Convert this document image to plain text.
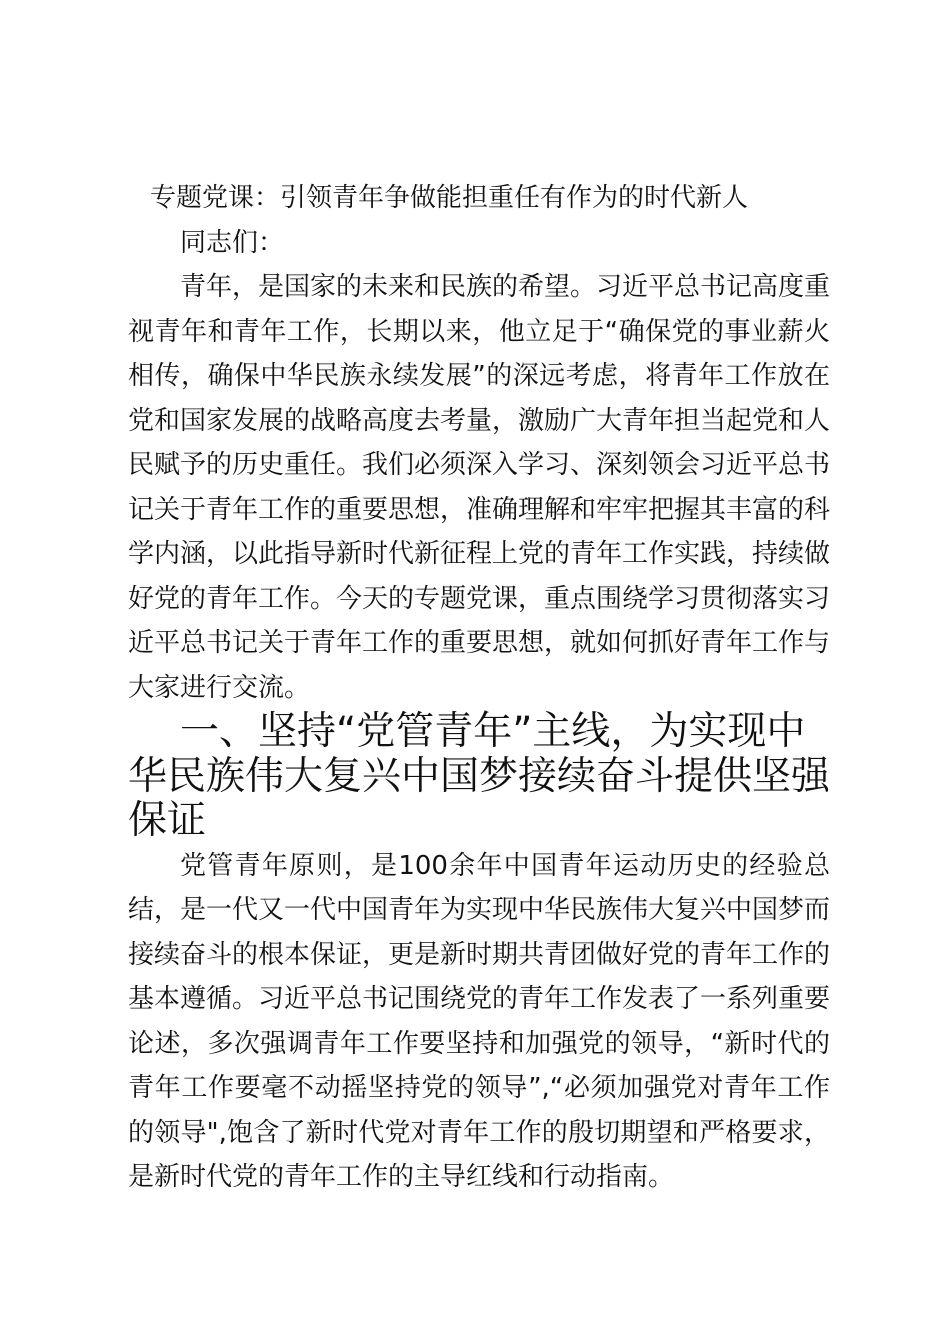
专题党课：引领青年争做能担重任有作为的时代新人

同志们：

青年，是国家的未来和民族的希望。习近平总书记高度重视青年和青年工作，长期以来，他立足于“确保党的事业薪火相传，确保中华民族永续发展”的深远考虑，将青年工作放在党和国家发展的战略高度去考量，激励广大青年担当起党和人民赋予的历史重任。我们必须深入学习、深刻领会习近平总书记关于青年工作的重要思想，准确理解和牢牢把握其丰富的科学内涵，以此指导新时代新征程上党的青年工作实践，持续做好党的青年工作。今天的专题党课，重点围绕学习贯彻落实习近平总书记关于青年工作的重要思想，就如何抓好青年工作与大家进行交流。

一、坚持“党管青年”主线，为实现中华民族伟大复兴中国梦接续奋斗提供坚强保证

党管青年原则，是100余年中国青年运动历史的经验总结，是一代又一代中国青年为实现中华民族伟大复兴中国梦而接续奋斗的根本保证，更是新时期共青团做好党的青年工作的基本遵循。习近平总书记围绕党的青年工作发表了一系列重要论述，多次强调青年工作要坚持和加强党的领导，“新时代的青年工作要毫不动摇坚持党的领导”,“必须加强党对青年工作的领导",饱含了新时代党对青年工作的殷切期望和严格要求，是新时代党的青年工作的主导红线和行动指南。
